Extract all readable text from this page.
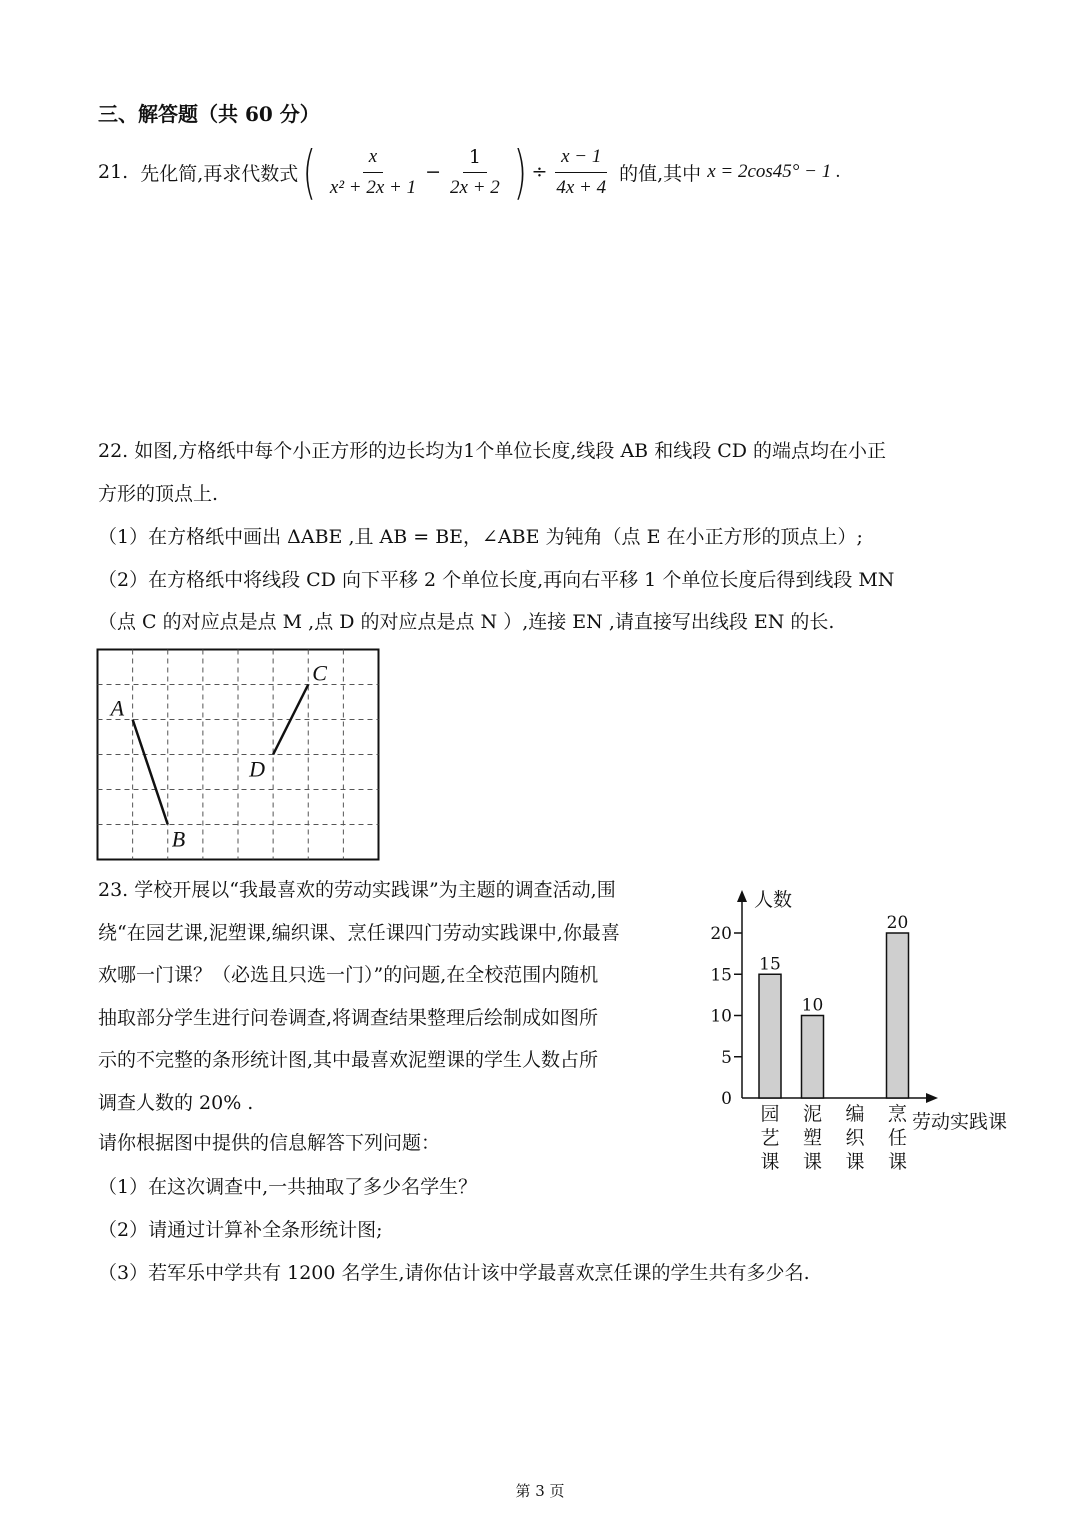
三、解答题（共 60 分）
21. 先化简,再求代数式 ( $\frac{x}{\text{x² + 2x + 1}} - \frac{1}{2x + 2}$ ) ÷ $\frac{x - 1}{4x + 4}$ 的值,其中 x = 2cos45° − 1 .
22. 如图,方格纸中每个小正方形的边长均为1个单位长度,线段 AB 和线段 CD 的端点均在小正
方形的顶点上.
（1）在方格纸中画出 ΔABE ,且 AB = BE，∠ABE 为钝角（点 E 在小正方形的顶点上）;
（2）在方格纸中将线段 CD 向下平移 2 个单位长度,再向右平移 1 个单位长度后得到线段 MN
（点 C 的对应点是点 M ,点 D 的对应点是点 N ）,连接 EN ,请直接写出线段 EN 的长.
A
B
C
D
23. 学校开展以“我最喜欢的劳动实践课”为主题的调查活动,围
绕“在园艺课,泥塑课,编织课、烹任课四门劳动实践课中,你最喜
欢哪一门课？（必选且只选一门）”的问题,在全校范围内随机
抽取部分学生进行问卷调查,将调查结果整理后绘制成如图所
示的不完整的条形统计图,其中最喜欢泥塑课的学生人数占所
调查人数的 20% .
请你根据图中提供的信息解答下列问题：
（1）在这次调查中,一共抽取了多少名学生？
（2）请通过计算补全条形统计图;
（3）若军乐中学共有 1200 名学生,请你估计该中学最喜欢烹任课的学生共有多少名.
人数
劳动实践课
0
5
10
15
20
15
园
艺
课
10
泥
塑
课
编
织
课
20
烹
任
课
第 3 页
